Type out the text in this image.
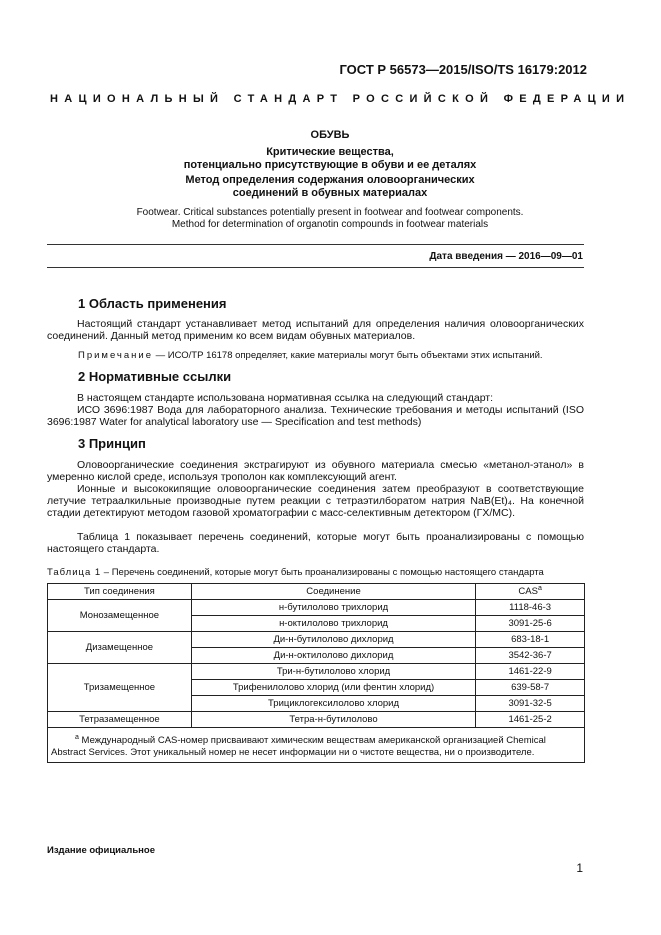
ГОСТ Р 56573—2015/ISO/TS 16179:2012
НАЦИОНАЛЬНЫЙ СТАНДАРТ РОССИЙСКОЙ ФЕДЕРАЦИИ
ОБУВЬ
Критические вещества,
потенциально присутствующие в обуви и ее деталях
Метод определения содержания оловоорганических
соединений в обувных материалах
Footwear. Critical substances potentially present in footwear and footwear components.
Method for determination of organotin compounds in footwear materials
Дата введения — 2016—09—01
1 Область применения
Настоящий стандарт устанавливает метод испытаний для определения наличия оловоорганических соединений. Данный метод применим ко всем видам обувных материалов.
Примечание — ИСО/ТР 16178 определяет, какие материалы могут быть объектами этих испытаний.
2 Нормативные ссылки
В настоящем стандарте использована нормативная ссылка на следующий стандарт:
ИСО 3696:1987 Вода для лабораторного анализа. Технические требования и методы испытаний (ISO 3696:1987 Water for analytical laboratory use — Specification and test methods)
3 Принцип
Оловоорганические соединения экстрагируют из обувного материала смесью «метанол-этанол» в умеренно кислой среде, используя трополон как комплексующий агент.
Ионные и высококипящие оловоорганические соединения затем преобразуют в соответствующие летучие тетраалкильные производные путем реакции с тетраэтилборатом натрия NaB(Et)₄. На конечной стадии детектируют методом газовой хроматографии с масс-селективным детектором (ГХ/МС).
Таблица 1 показывает перечень соединений, которые могут быть проанализированы с помощью настоящего стандарта.
Таблица 1 – Перечень соединений, которые могут быть проанализированы с помощью настоящего стандарта
Тип соединения	Соединение	CAS$^a$
Монозамещенное	н-бутилолово трихлорид	1118-46-3
	н-октилолово трихлорид	3091-25-6
Дизамещенное	Ди-н-бутилолово дихлорид	683-18-1
	Ди-н-октилолово дихлорид	3542-36-7
Тризамещенное	Три-н-бутилолово хлорид	1461-22-9
	Трифенилолово хлорид (или фентин хлорид)	639-58-7
	Трициклогексилолово хлорид	3091-32-5
Тетразамещенное	Тетра-н-бутилолово	1461-25-2
$^a$ Международный CAS-номер присваивают химическим веществам американской организацией Chemical Abstract Services. Этот уникальный номер не несет информации ни о чистоте вещества, ни о производителе.		
Издание официальное
1
